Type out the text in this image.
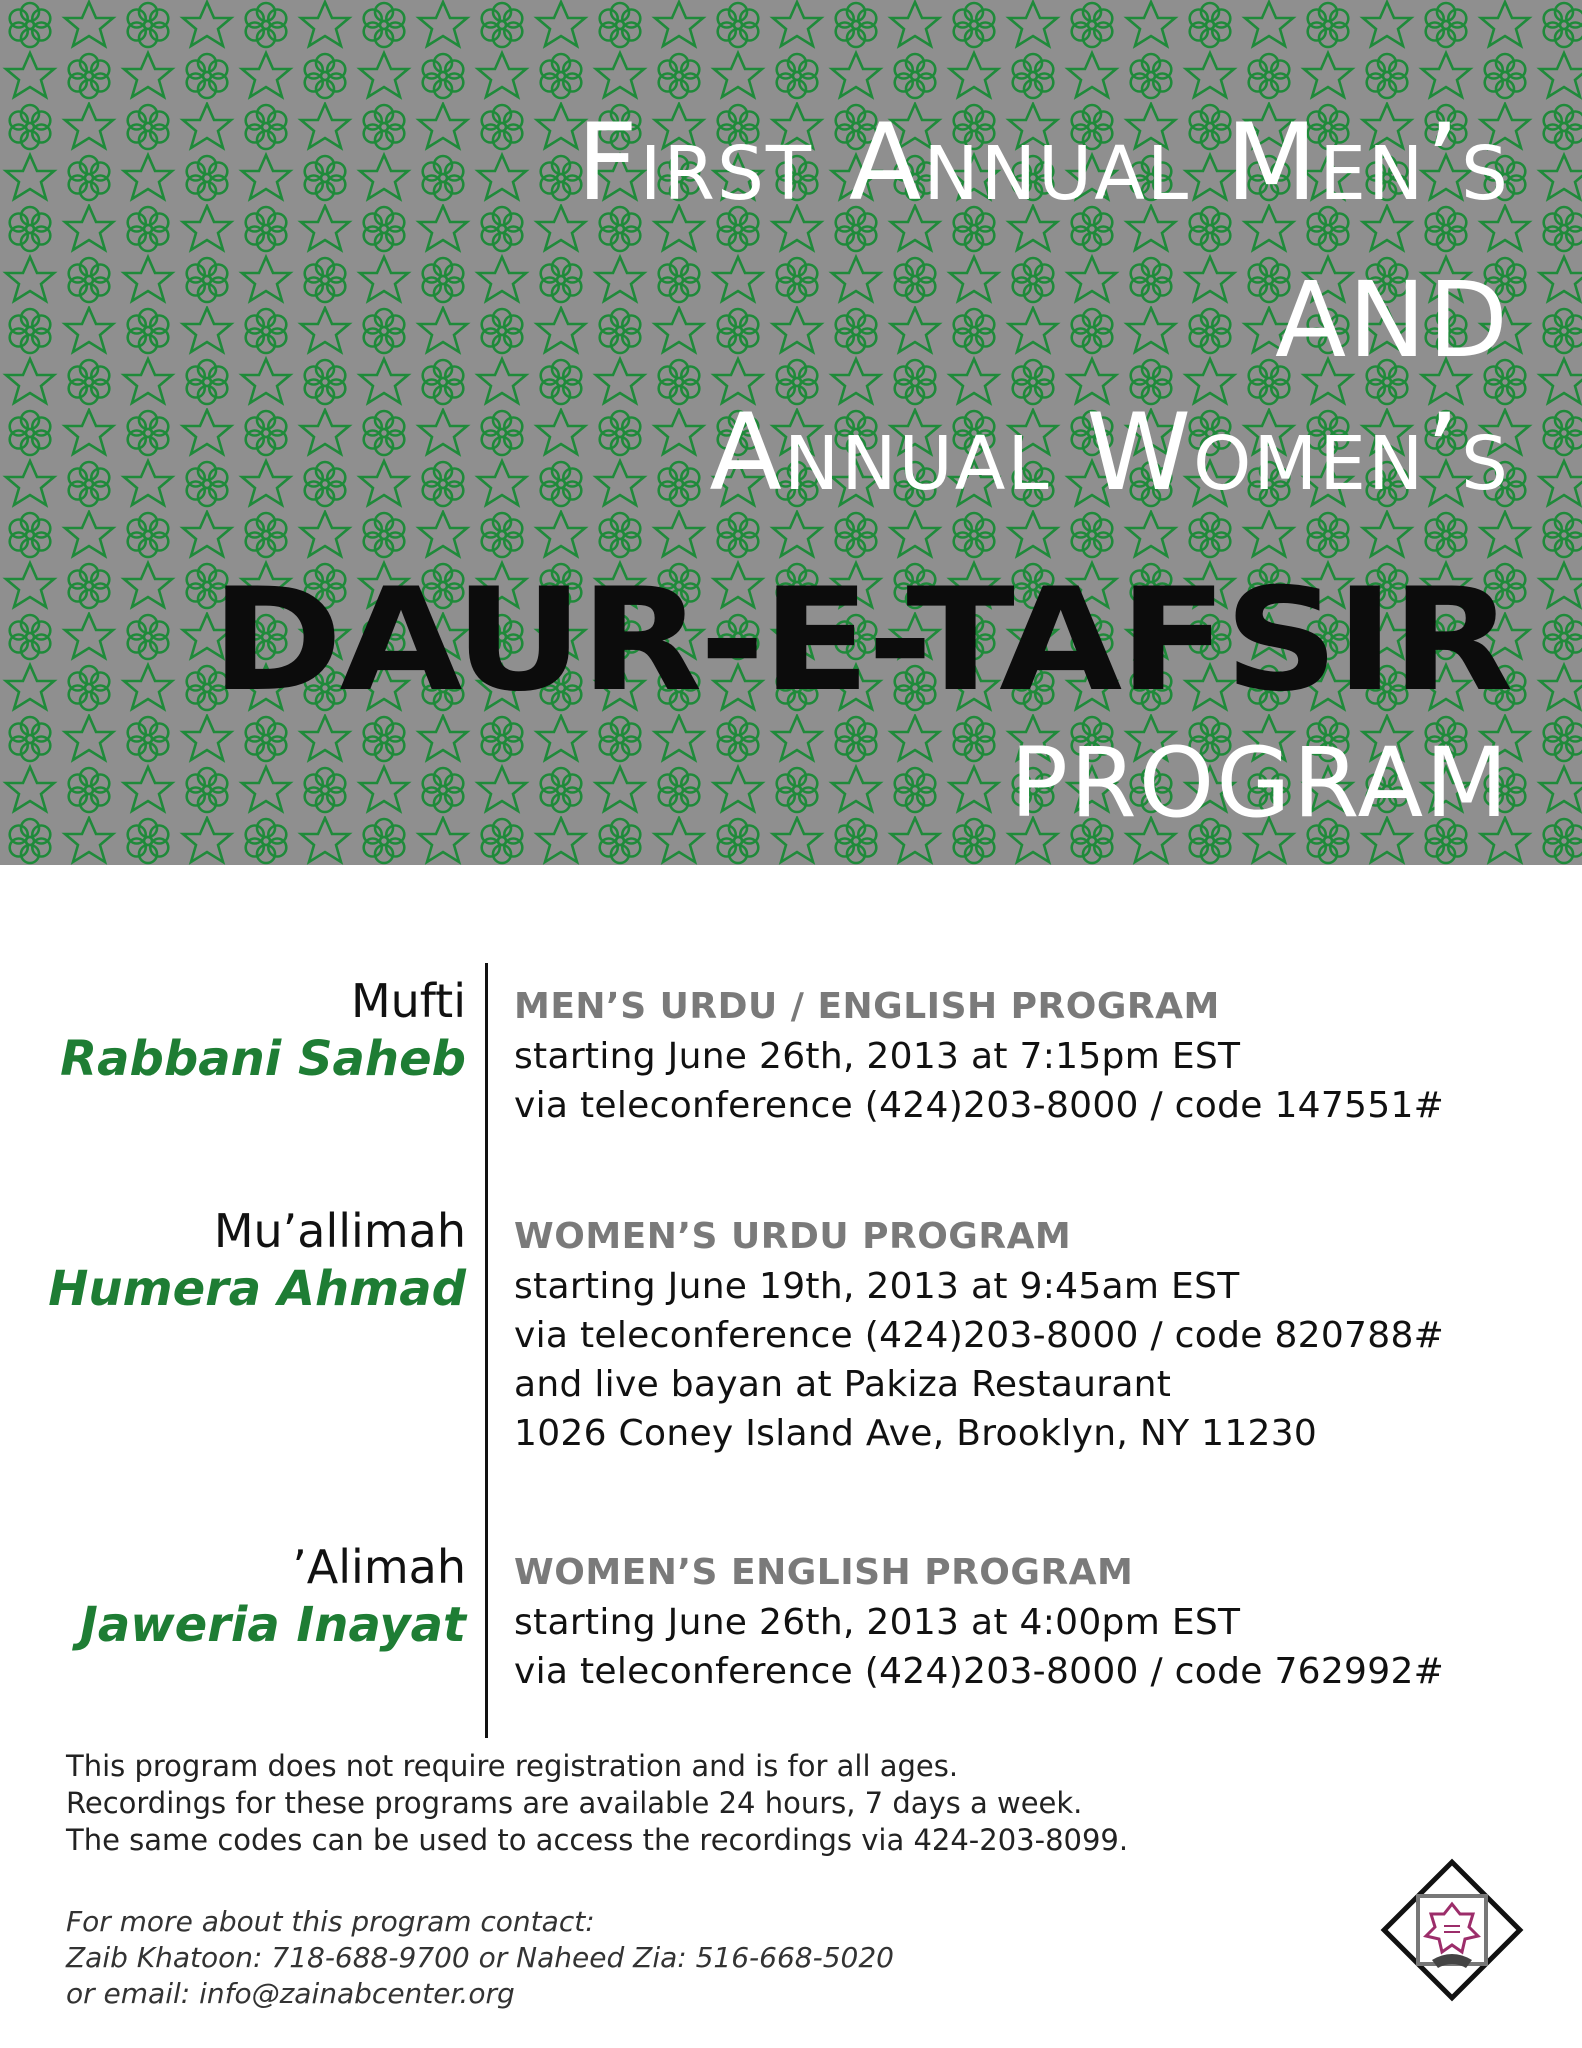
First Annual Men’s
AND
Annual Women’s
DAUR-E-TAFSIR
PROGRAM
Mufti
Rabbani Saheb
MEN’S URDU / ENGLISH PROGRAM
starting June 26th, 2013 at 7:15pm EST
via teleconference (424)203-8000 / code 147551#
Mu’allimah
Humera Ahmad
WOMEN’S URDU PROGRAM
starting June 19th, 2013 at 9:45am EST
via teleconference (424)203-8000 / code 820788#
and live bayan at Pakiza Restaurant
1026 Coney Island Ave, Brooklyn, NY 11230
’Alimah
Jaweria Inayat
WOMEN’S ENGLISH PROGRAM
starting June 26th, 2013 at 4:00pm EST
via teleconference (424)203-8000 / code 762992#
This program does not require registration and is for all ages.
Recordings for these programs are available 24 hours, 7 days a week.
The same codes can be used to access the recordings via 424-203-8099.
For more about this program contact:
Zaib Khatoon: 718-688-9700 or Naheed Zia: 516-668-5020
or email: info@zainabcenter.org
